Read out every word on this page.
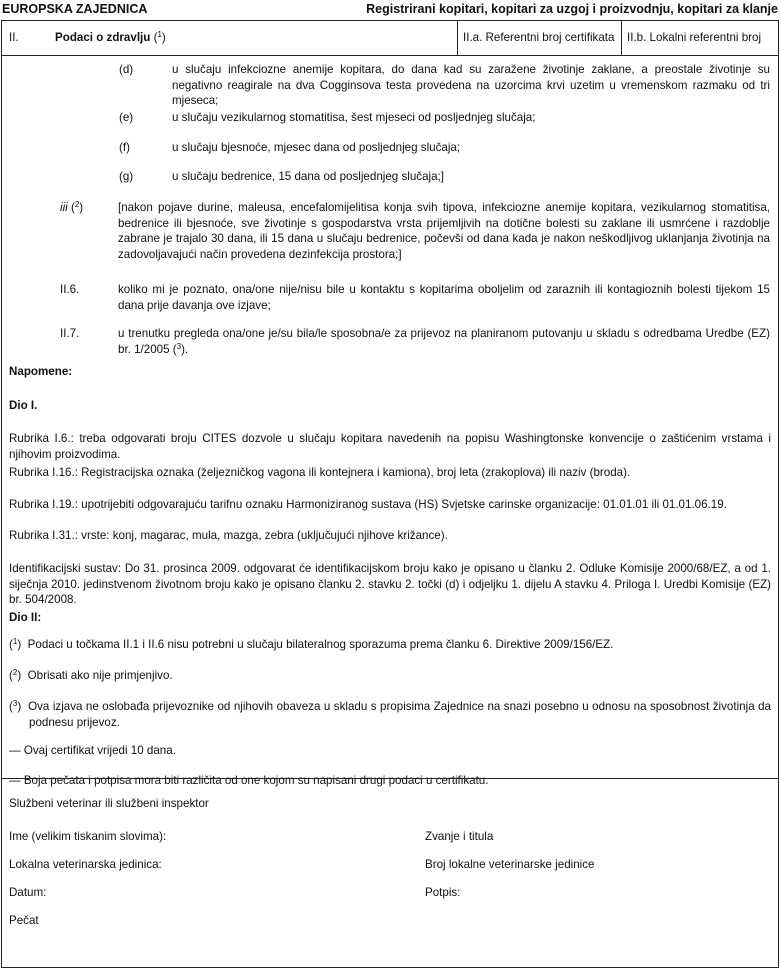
EUROPSKA ZAJEDNICA	Registrirani kopitari, kopitari za uzgoj i proizvodnju, kopitari za klanje
II.	Podaci o zdravlju ($^1$)	II.a. Referentni broj certifikata	II.b. Lokalni referentni broj
(d)	u slučaju infekciozne anemije kopitara, do dana kad su zaražene životinje zaklane, a preostale životinje su negativno reagirale na dva Cogginsova testa provedena na uzorcima krvi uzetim u vremenskom razmaku od tri mjeseca;
(e)	u slučaju vezikularnog stomatitisa, šest mjeseci od posljednjeg slučaja;
(f)	u slučaju bjesnoće, mjesec dana od posljednjeg slučaja;
(g)	u slučaju bedrenice, 15 dana od posljednjeg slučaja;]
iii ($^2$)	[nakon pojave durine, maleusa, encefalomijelitisa konja svih tipova, infekciozne anemije kopitara, vezikularnog stomatitisa, bedrenice ili bjesnoće, sve životinje s gospodarstva vrsta prijemljivih na dotične bolesti su zaklane ili usmrćene i razdoblje zabrane je trajalo 30 dana, ili 15 dana u slučaju bedrenice, počevši od dana kada je nakon neškodljivog uklanjanja životinja na zadovoljavajući način provedena dezinfekcija prostora;]
II.6.	koliko mi je poznato, ona/one nije/nisu bile u kontaktu s kopitarima oboljelim od zaraznih ili kontagioznih bolesti tijekom 15 dana prije davanja ove izjave;
II.7.	u trenutku pregleda ona/one je/su bila/le sposobna/e za prijevoz na planiranom putovanju u skladu s odredbama Uredbe (EZ) br. 1/2005 ($^3$).
Napomene:
Dio I.
Rubrika I.6.: treba odgovarati broju CITES dozvole u slučaju kopitara navedenih na popisu Washingtonske konvencije o zaštićenim vrstama i njihovim proizvodima.
Rubrika I.16.: Registracijska oznaka (željezničkog vagona ili kontejnera i kamiona), broj leta (zrakoplova) ili naziv (broda).
Rubrika I.19.: upotrijebiti odgovarajuću tarifnu oznaku Harmoniziranog sustava (HS) Svjetske carinske organizacije: 01.01.01 ili 01.01.06.19.
Rubrika I.31.: vrste: konj, magarac, mula, mazga, zebra (uključujući njihove križance).
Identifikacijski sustav: Do 31. prosinca 2009. odgovarat će identifikacijskom broju kako je opisano u članku 2. Odluke Komisije 2000/68/EZ, a od 1. siječnja 2010. jedinstvenom životnom broju kako je opisano članku 2. stavku 2. točki (d) i odjeljku 1. dijelu A stavku 4. Priloga I. Uredbi Komisije (EZ) br. 504/2008.
Dio II:
($^1$)  Podaci u točkama II.1 i II.6 nisu potrebni u slučaju bilateralnog sporazuma prema članku 6. Direktive 2009/156/EZ.
($^2$)  Obrisati ako nije primjenjivo.
($^3$)  Ova izjava ne oslobađa prijevoznike od njihovih obaveza u skladu s propisima Zajednice na snazi posebno u odnosu na sposobnost životinja da podnesu prijevoz.
— Ovaj certifikat vrijedi 10 dana.
— Boja pečata i potpisa mora biti različita od one kojom su napisani drugi podaci u certifikatu.
Službeni veterinar ili službeni inspektor
Ime (velikim tiskanim slovima):	Zvanje i titula
Lokalna veterinarska jedinica:	Broj lokalne veterinarske jedinice
Datum:	Potpis:
Pečat
